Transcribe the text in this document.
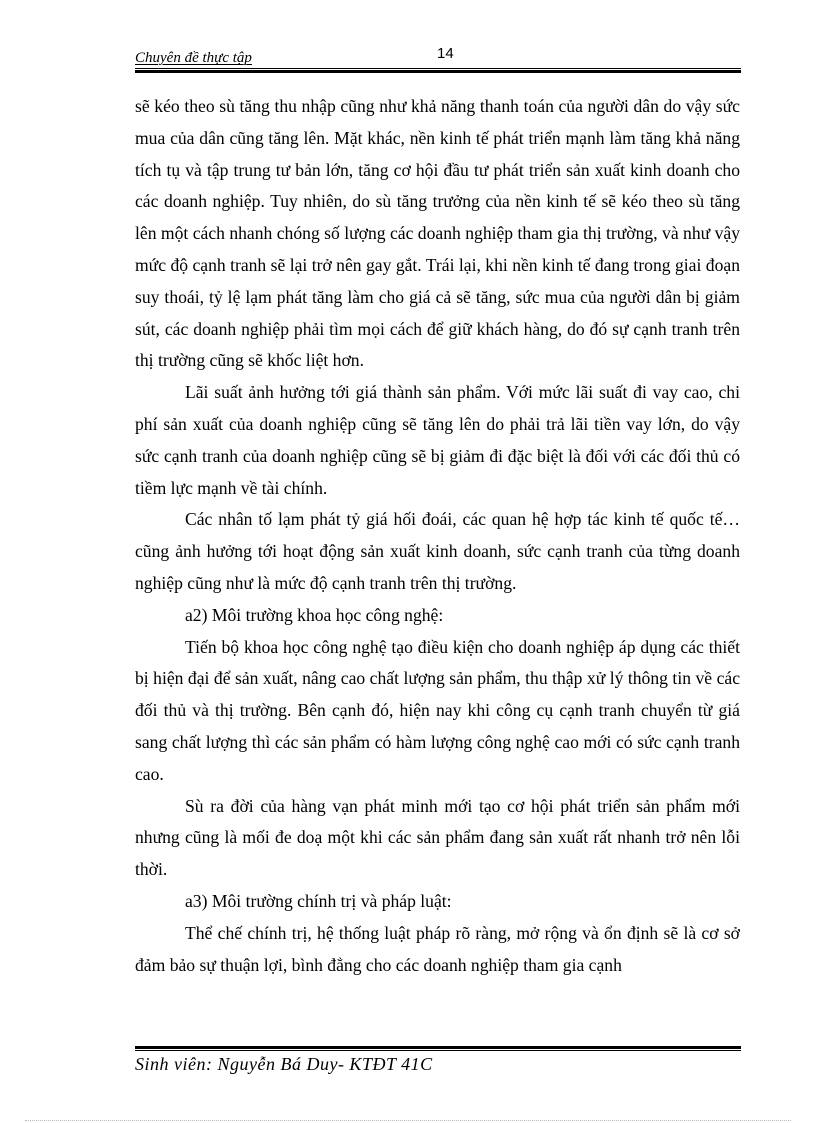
Chuyên đề thực tập	14

sẽ kéo theo sù tăng thu nhập cũng như khả năng thanh toán của người dân do vậy sức mua của dân cũng tăng lên. Mặt khác, nền kinh tế phát triển mạnh làm tăng khả năng tích tụ và tập trung tư bản lớn, tăng cơ hội đầu tư phát triển sản xuất kinh doanh cho các doanh nghiệp. Tuy nhiên, do sù tăng trưởng của nền kinh tế sẽ kéo theo sù tăng lên một cách nhanh chóng số lượng các doanh nghiệp tham gia thị trường, và như vậy mức độ cạnh tranh sẽ lại trở nên gay gắt. Trái lại, khi nền kinh tế đang trong giai đoạn suy thoái, tỷ lệ lạm phát tăng làm cho giá cả sẽ tăng, sức mua của người dân bị giảm sút, các doanh nghiệp phải tìm mọi cách để giữ khách hàng, do đó sự cạnh tranh trên thị trường cũng sẽ khốc liệt hơn.

Lãi suất ảnh hưởng tới giá thành sản phẩm. Với mức lãi suất đi vay cao, chi phí sản xuất của doanh nghiệp cũng sẽ tăng lên do phải trả lãi tiền vay lớn, do vậy sức cạnh tranh của doanh nghiệp cũng sẽ bị giảm đi đặc biệt là đối với các đối thủ có tiềm lực mạnh về tài chính.

Các nhân tố lạm phát tỷ giá hối đoái, các quan hệ hợp tác kinh tế quốc tế… cũng ảnh hưởng tới hoạt động sản xuất kinh doanh, sức cạnh tranh của từng doanh nghiệp cũng như là mức độ cạnh tranh trên thị trường.

a2) Môi trường khoa học công nghệ:

Tiến bộ khoa học công nghệ tạo điều kiện cho doanh nghiệp áp dụng các thiết bị hiện đại để sản xuất, nâng cao chất lượng sản phẩm, thu thập xử lý thông tin về các đối thủ và thị trường. Bên cạnh đó, hiện nay khi công cụ cạnh tranh chuyển từ giá sang chất lượng thì các sản phẩm có hàm lượng công nghệ cao mới có sức cạnh tranh cao.

Sù ra đời của hàng vạn phát minh mới tạo cơ hội phát triển sản phẩm mới nhưng cũng là mối đe doạ một khi các sản phẩm đang sản xuất rất nhanh trở nên lỗi thời.

a3) Môi trường chính trị và pháp luật:

Thể chế chính trị, hệ thống luật pháp rõ ràng, mở rộng và ổn định sẽ là cơ sở đảm bảo sự thuận lợi, bình đẳng cho các doanh nghiệp tham gia cạnh

Sinh viên: Nguyễn Bá Duy- KTĐT 41C
